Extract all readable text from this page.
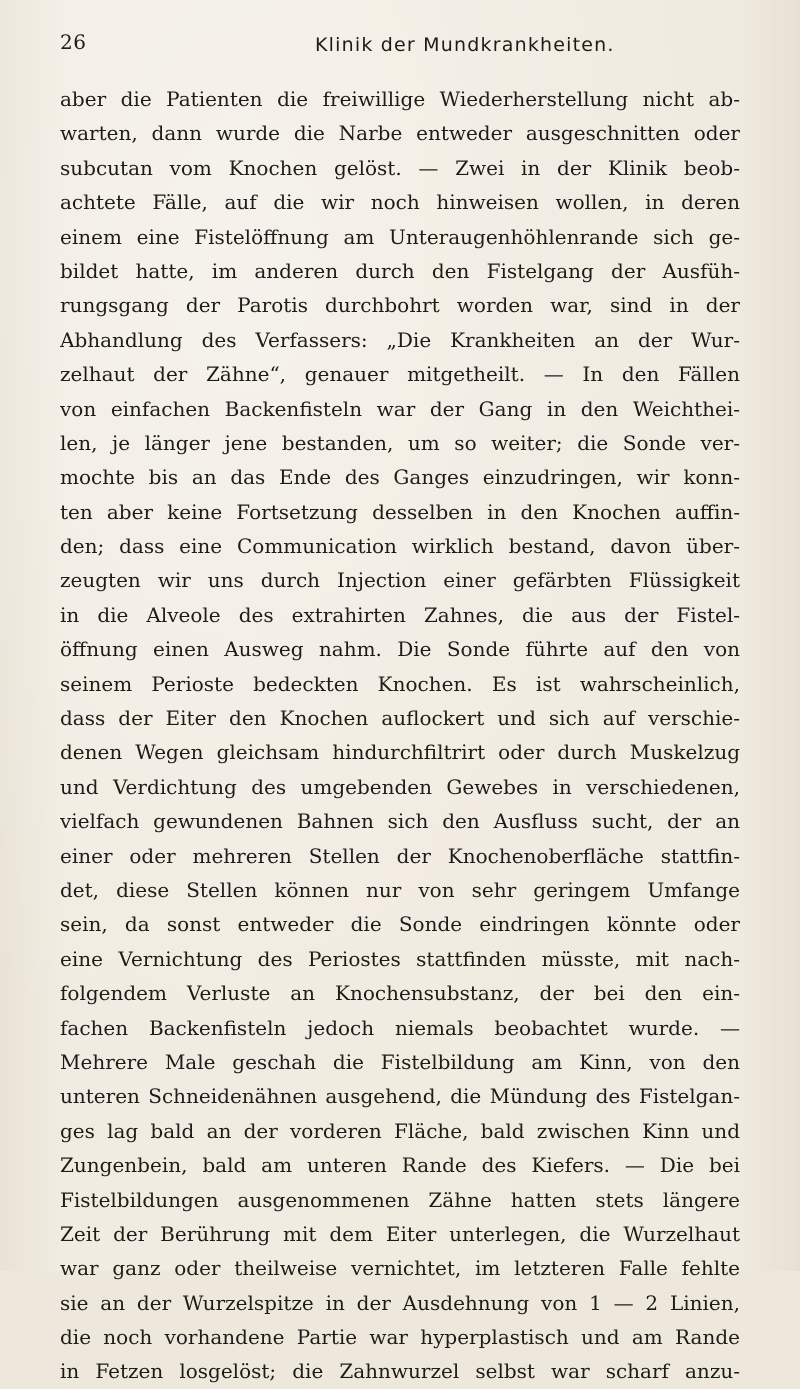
26	Klinik der Mundkrankheiten.
aber die Patienten die freiwillige Wiederherstellung nicht ab-
warten, dann wurde die Narbe entweder ausgeschnitten oder
subcutan vom Knochen gelöst. — Zwei in der Klinik beob-
achtete Fälle, auf die wir noch hinweisen wollen, in deren
einem eine Fistelöffnung am Unteraugenhöhlenrande sich ge-
bildet hatte, im anderen durch den Fistelgang der Ausfüh-
rungsgang der Parotis durchbohrt worden war, sind in der
Abhandlung des Verfassers: „Die Krankheiten an der Wur-
zelhaut der Zähne“, genauer mitgetheilt. — In den Fällen
von einfachen Backenfisteln war der Gang in den Weichthei-
len, je länger jene bestanden, um so weiter; die Sonde ver-
mochte bis an das Ende des Ganges einzudringen, wir konn-
ten aber keine Fortsetzung desselben in den Knochen auffin-
den; dass eine Communication wirklich bestand, davon über-
zeugten wir uns durch Injection einer gefärbten Flüssigkeit
in die Alveole des extrahirten Zahnes, die aus der Fistel-
öffnung einen Ausweg nahm. Die Sonde führte auf den von
seinem Perioste bedeckten Knochen. Es ist wahrscheinlich,
dass der Eiter den Knochen auflockert und sich auf verschie-
denen Wegen gleichsam hindurchfiltrirt oder durch Muskelzug
und Verdichtung des umgebenden Gewebes in verschiedenen,
vielfach gewundenen Bahnen sich den Ausfluss sucht, der an
einer oder mehreren Stellen der Knochenoberfläche stattfin-
det, diese Stellen können nur von sehr geringem Umfange
sein, da sonst entweder die Sonde eindringen könnte oder
eine Vernichtung des Periostes stattfinden müsste, mit nach-
folgendem Verluste an Knochensubstanz, der bei den ein-
fachen Backenfisteln jedoch niemals beobachtet wurde. —
Mehrere Male geschah die Fistelbildung am Kinn, von den
unteren Schneidenähnen ausgehend, die Mündung des Fistelgan-
ges lag bald an der vorderen Fläche, bald zwischen Kinn und
Zungenbein, bald am unteren Rande des Kiefers. — Die bei
Fistelbildungen ausgenommenen Zähne hatten stets längere
Zeit der Berührung mit dem Eiter unterlegen, die Wurzelhaut
war ganz oder theilweise vernichtet, im letzteren Falle fehlte
sie an der Wurzelspitze in der Ausdehnung von 1 — 2 Linien,
die noch vorhandene Partie war hyperplastisch und am Rande
in Fetzen losgelöst; die Zahnwurzel selbst war scharf anzu-
